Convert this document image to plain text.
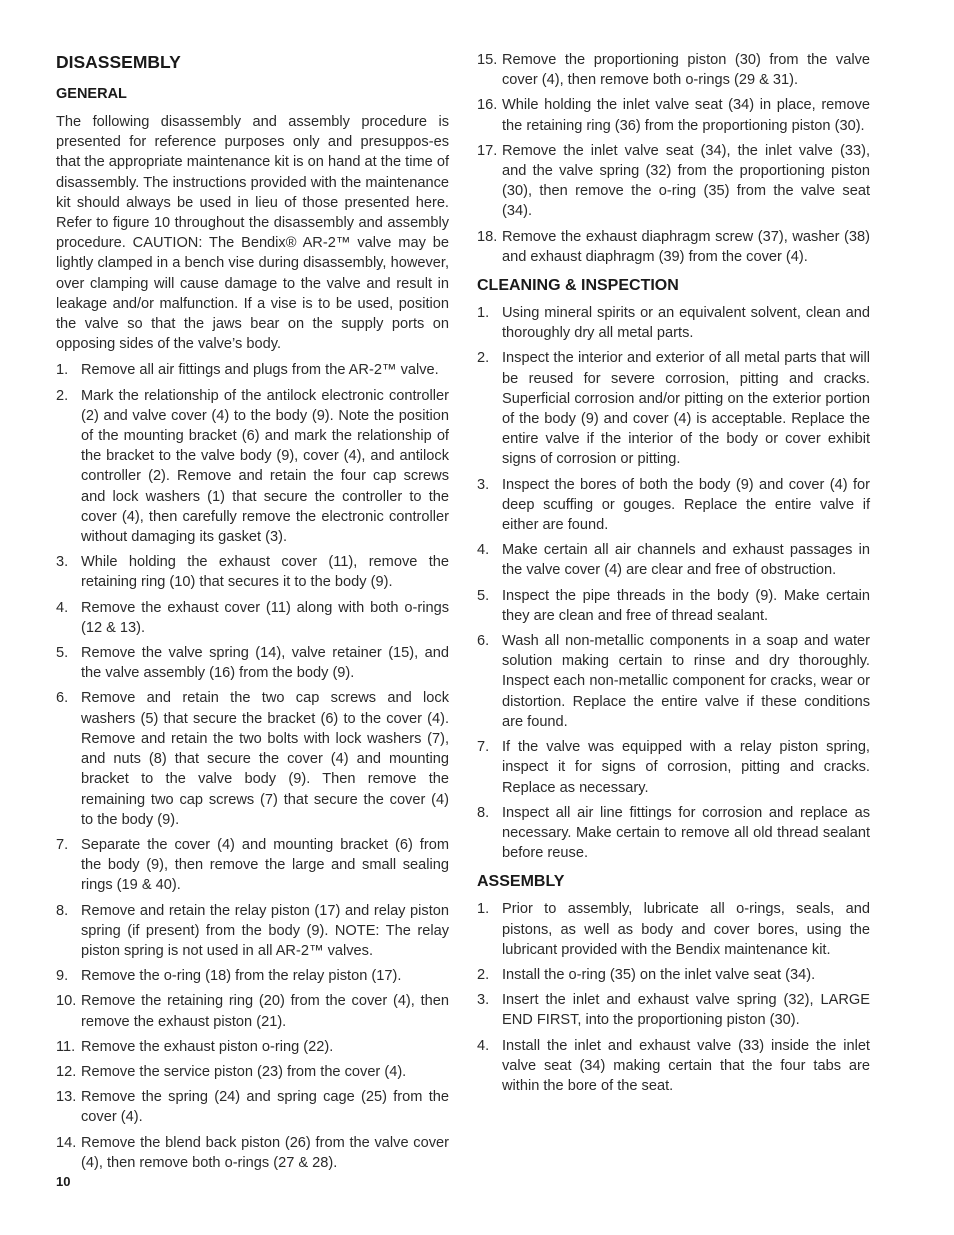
DISASSEMBLY
GENERAL

The following disassembly and assembly procedure is presented for reference purposes only and presuppos-es that the appropriate maintenance kit is on hand at the time of disassembly. The instructions provided with the maintenance kit should always be used in lieu of those presented here. Refer to figure 10 throughout the disassembly and assembly procedure. CAUTION: The Bendix® AR-2™ valve may be lightly clamped in a bench vise during disassembly, however, over clamping will cause damage to the valve and result in leakage and/or malfunction. If a vise is to be used, position the valve so that the jaws bear on the supply ports on opposing sides of the valve’s body.

1. Remove all air fittings and plugs from the AR-2™ valve.
2. Mark the relationship of the antilock electronic controller (2) and valve cover (4) to the body (9). Note the position of the mounting bracket (6) and mark the relationship of the bracket to the valve body (9), cover (4), and antilock controller (2). Remove and retain the four cap screws and lock washers (1) that secure the controller to the cover (4), then carefully remove the electronic controller without damaging its gasket (3).
3. While holding the exhaust cover (11), remove the retaining ring (10) that secures it to the body (9).
4. Remove the exhaust cover (11) along with both o-rings (12 & 13).
5. Remove the valve spring (14), valve retainer (15), and the valve assembly (16) from the body (9).
6. Remove and retain the two cap screws and lock washers (5) that secure the bracket (6) to the cover (4). Remove and retain the two bolts with lock washers (7), and nuts (8) that secure the cover (4) and mounting bracket to the valve body (9). Then remove the remaining two cap screws (7) that secure the cover (4) to the body (9).
7. Separate the cover (4) and mounting bracket (6) from the body (9), then remove the large and small sealing rings (19 & 40).
8. Remove and retain the relay piston (17) and relay piston spring (if present) from the body (9). NOTE: The relay piston spring is not used in all AR-2™ valves.
9. Remove the o-ring (18) from the relay piston (17).
10. Remove the retaining ring (20) from the cover (4), then remove the exhaust piston (21).
11. Remove the exhaust piston o-ring (22).
12. Remove the service piston (23) from the cover (4).
13. Remove the spring (24) and spring cage (25) from the cover (4).
14. Remove the blend back piston (26) from the valve cover (4), then remove both o-rings (27 & 28).
15. Remove the proportioning piston (30) from the valve cover (4), then remove both o-rings (29 & 31).
16. While holding the inlet valve seat (34) in place, remove the retaining ring (36) from the proportioning piston (30).
17. Remove the inlet valve seat (34), the inlet valve (33), and the valve spring (32) from the proportioning piston (30), then remove the o-ring (35) from the valve seat (34).
18. Remove the exhaust diaphragm screw (37), washer (38) and exhaust diaphragm (39) from the cover (4).
CLEANING & INSPECTION
1. Using mineral spirits or an equivalent solvent, clean and thoroughly dry all metal parts.
2. Inspect the interior and exterior of all metal parts that will be reused for severe corrosion, pitting and cracks. Superficial corrosion and/or pitting on the exterior portion of the body (9) and cover (4) is acceptable. Replace the entire valve if the interior of the body or cover exhibit signs of corrosion or pitting.
3. Inspect the bores of both the body (9) and cover (4) for deep scuffing or gouges. Replace the entire valve if either are found.
4. Make certain all air channels and exhaust passages in the valve cover (4) are clear and free of obstruction.
5. Inspect the pipe threads in the body (9). Make certain they are clean and free of thread sealant.
6. Wash all non-metallic components in a soap and water solution making certain to rinse and dry thoroughly. Inspect each non-metallic component for cracks, wear or distortion. Replace the entire valve if these conditions are found.
7. If the valve was equipped with a relay piston spring, inspect it for signs of corrosion, pitting and cracks. Replace as necessary.
8. Inspect all air line fittings for corrosion and replace as necessary. Make certain to remove all old thread sealant before reuse.
ASSEMBLY
1. Prior to assembly, lubricate all o-rings, seals, and pistons, as well as body and cover bores, using the lubricant provided with the Bendix maintenance kit.
2. Install the o-ring (35) on the inlet valve seat (34).
3. Insert the inlet and exhaust valve spring (32), LARGE END FIRST, into the proportioning piston (30).
4. Install the inlet and exhaust valve (33) inside the inlet valve seat (34) making certain that the four tabs are within the bore of the seat.
10
